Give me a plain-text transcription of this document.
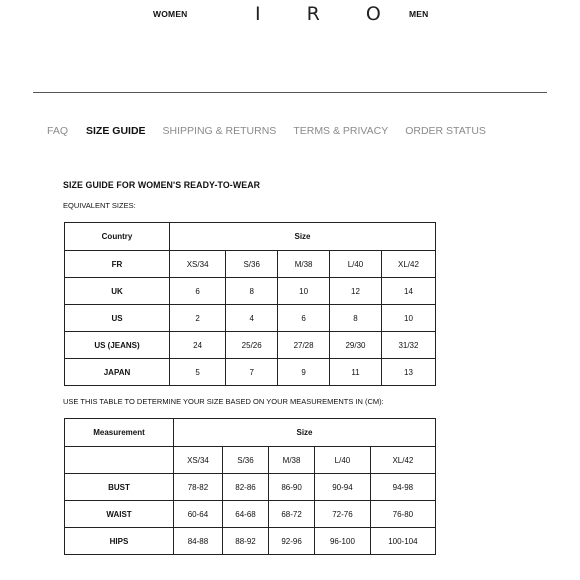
WOMEN	I R O MEN
FAQ SIZE GUIDE SHIPPING & RETURNS TERMS & PRIVACY ORDER STATUS
SIZE GUIDE FOR WOMEN'S READY-TO-WEAR
EQUIVALENT SIZES:
Country	Size				
FR	XS/34	S/36	M/38	L/40	XL/42
UK	6	8	10	12	14
US	2	4	6	8	10
US (JEANS)	24	25/26	27/28	29/30	31/32
JAPAN	5	7	9	11	13
USE THIS TABLE TO DETERMINE YOUR SIZE BASED ON YOUR MEASUREMENTS IN (CM):
Measurement	Size				
	XS/34	S/36	M/38	L/40	XL/42
BUST	78-82	82-86	86-90	90-94	94-98
WAIST	60-64	64-68	68-72	72-76	76-80
HIPS	84-88	88-92	92-96	96-100	100-104
